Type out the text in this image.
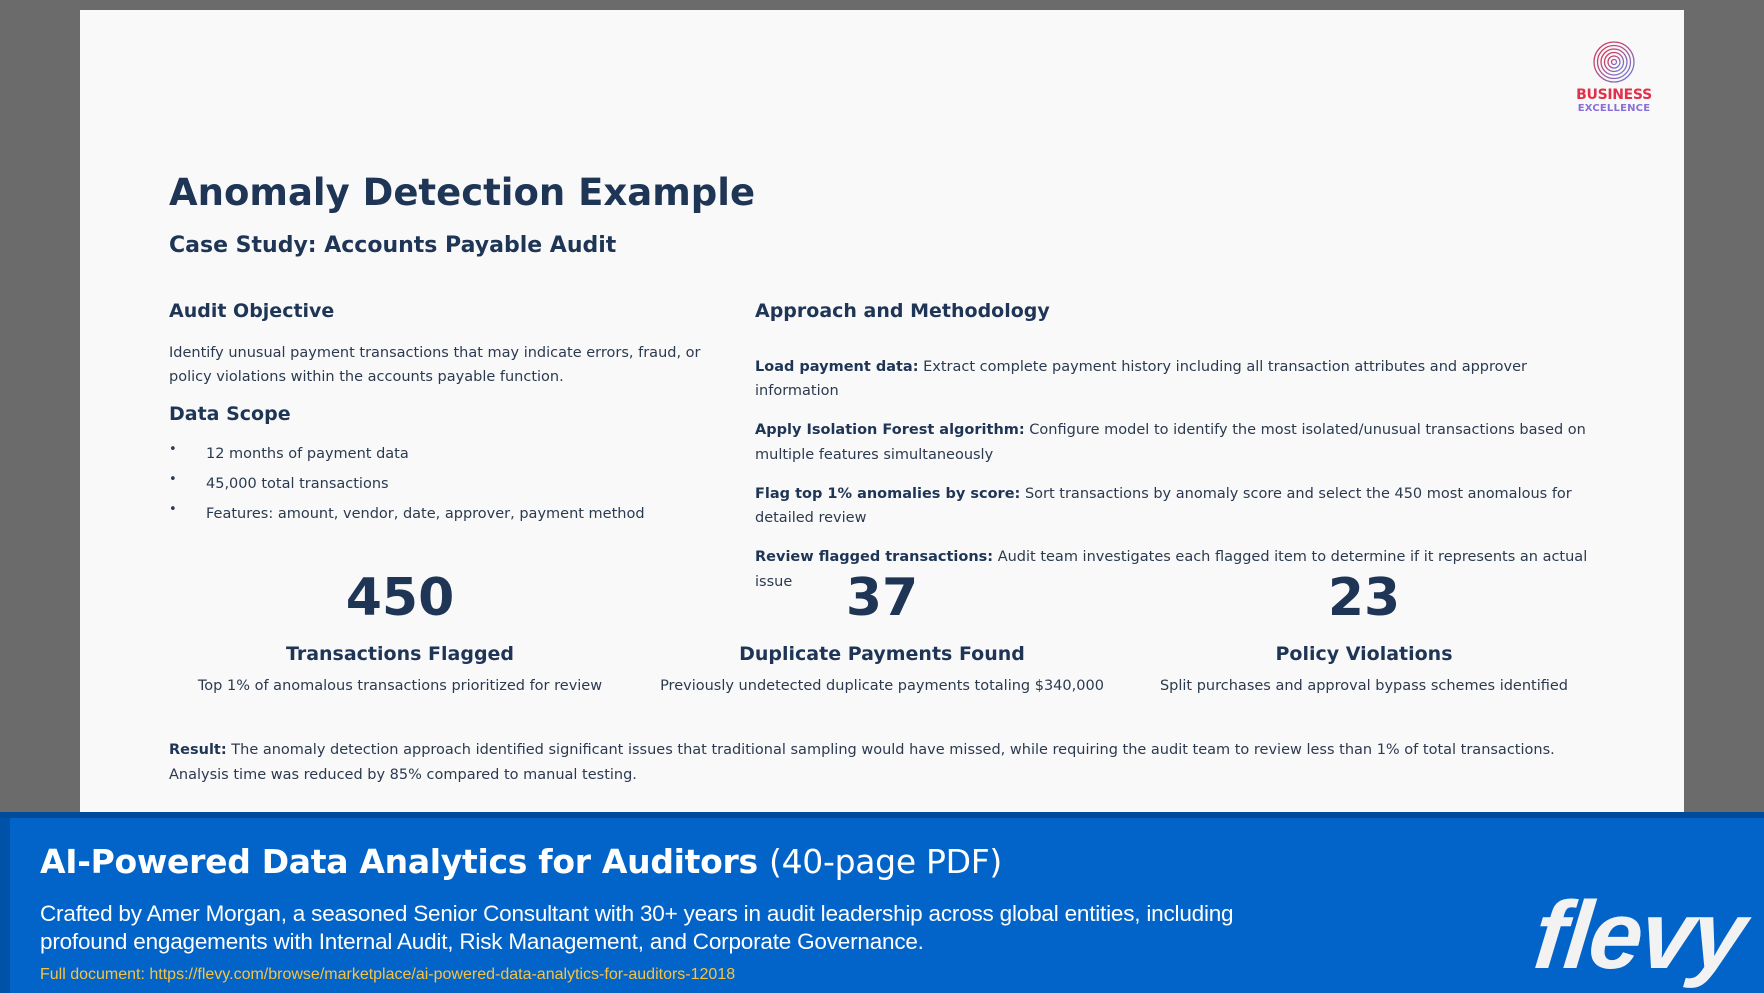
BUSINESS
EXCELLENCE
Anomaly Detection Example
Case Study: Accounts Payable Audit
Audit Objective

Identify unusual payment transactions that may indicate errors, fraud, or policy violations within the accounts payable function.

Data Scope
• 12 months of payment data
• 45,000 total transactions
• Features: amount, vendor, date, approver, payment method
Approach and Methodology

Load payment data: Extract complete payment history including all transaction attributes and approver information

Apply Isolation Forest algorithm: Configure model to identify the most isolated/unusual transactions based on multiple features simultaneously

Flag top 1% anomalies by score: Sort transactions by anomaly score and select the 450 most anomalous for detailed review

Review flagged transactions: Audit team investigates each flagged item to determine if it represents an actual issue

450
Transactions Flagged
Top 1% of anomalous transactions prioritized for review
37
Duplicate Payments Found
Previously undetected duplicate payments totaling $340,000
23
Policy Violations
Split purchases and approval bypass schemes identified

Result: The anomaly detection approach identified significant issues that traditional sampling would have missed, while requiring the audit team to review less than 1% of total transactions. Analysis time was reduced by 85% compared to manual testing.

AI-Powered Data Analytics for Auditors (40-page PDF)
Crafted by Amer Morgan, a seasoned Senior Consultant with 30+ years in audit leadership across global entities, including profound engagements with Internal Audit, Risk Management, and Corporate Governance.
Full document: https://flevy.com/browse/marketplace/ai-powered-data-analytics-for-auditors-12018	flevy
